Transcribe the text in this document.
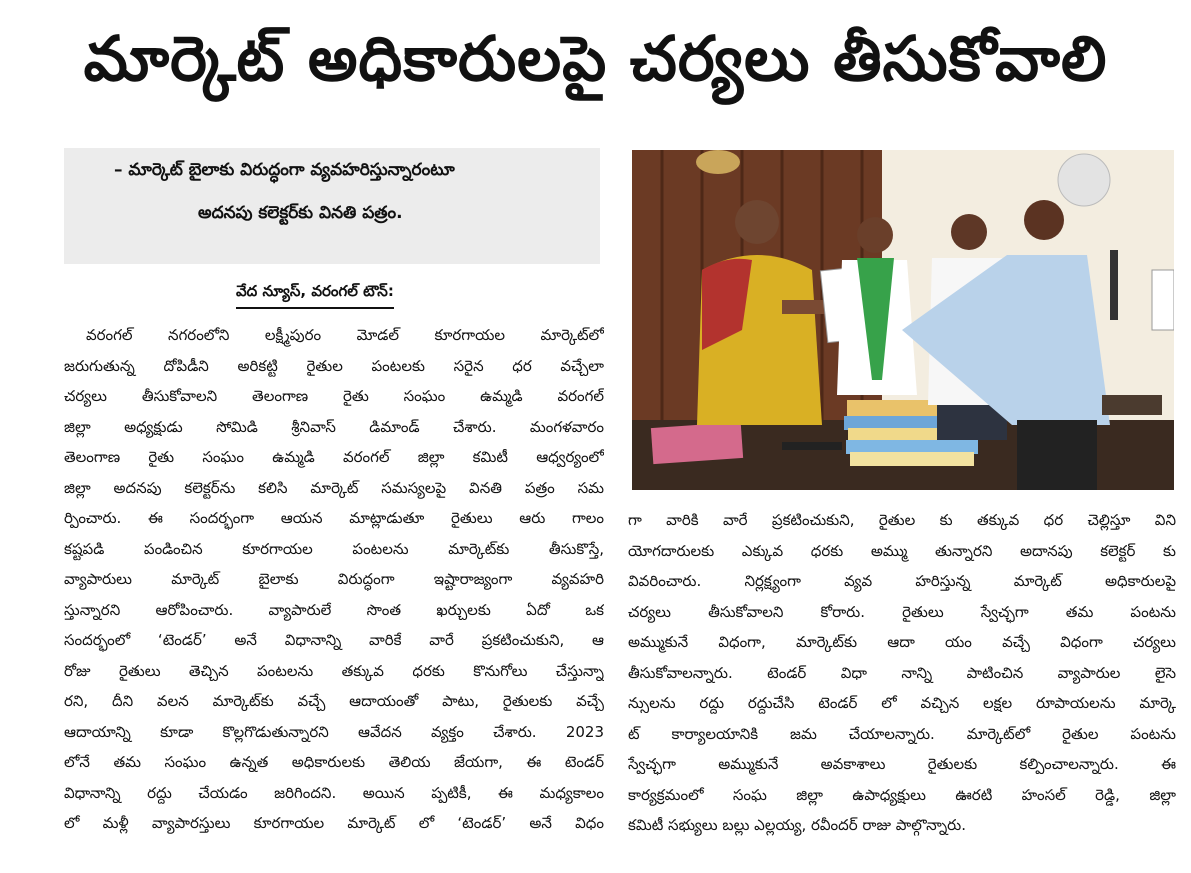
మార్కెట్ అధికారులపై చర్యలు తీసుకోవాలి
– మార్కెట్ బైలాకు విరుద్ధంగా వ్యవహరిస్తున్నారంటూ
అదనపు కలెక్టర్‌కు వినతి పత్రం.
వేద న్యూస్, వరంగల్ టౌన్:
వరంగల్ నగరంలోని లక్ష్మీపురం మోడల్ కూరగాయల మార్కెట్‌లో
జరుగుతున్న దోపిడీని అరికట్టి రైతుల పంటలకు సరైన ధర వచ్చేలా
చర్యలు తీసుకోవాలని తెలంగాణ రైతు సంఘం ఉమ్మడి వరంగల్
జిల్లా అధ్యక్షుడు సోమిడి శ్రీనివాస్ డిమాండ్ చేశారు. మంగళవారం
తెలంగాణ రైతు సంఘం ఉమ్మడి వరంగల్ జిల్లా కమిటీ ఆధ్వర్యంలో
జిల్లా అదనపు కలెక్టర్‌ను కలిసి మార్కెట్ సమస్యలపై వినతి పత్రం సమ
ర్పించారు. ఈ సందర్భంగా ఆయన మాట్లాడుతూ రైతులు ఆరు గాలం
కష్టపడి పండించిన కూరగాయల పంటలను మార్కెట్‌కు తీసుకొస్తే,
వ్యాపారులు మార్కెట్ బైలాకు విరుద్ధంగా ఇష్టారాజ్యంగా వ్యవహరి
స్తున్నారని ఆరోపించారు. వ్యాపారులే సొంత ఖర్చులకు ఏదో ఒక
సందర్భంలో ‘టెండర్’ అనే విధానాన్ని వారికే వారే ప్రకటించుకుని, ఆ
రోజు రైతులు తెచ్చిన పంటలను తక్కువ ధరకు కొనుగోలు చేస్తున్నా
రని, దీని వలన మార్కెట్‌కు వచ్చే ఆదాయంతో పాటు, రైతులకు వచ్చే
ఆదాయాన్ని కూడా కొల్లగొడుతున్నారని ఆవేదన వ్యక్తం చేశారు. 2023
లోనే తమ సంఘం ఉన్నత అధికారులకు తెలియ జేయగా, ఈ టెండర్
విధానాన్ని రద్దు చేయడం జరిగిందని. అయిన ప్పటికీ, ఈ మధ్యకాలం
లో మళ్లీ వ్యాపారస్తులు కూరగాయల మార్కెట్ లో ‘టెండర్’ అనే విధం
గా వారికి వారే ప్రకటించుకుని, రైతుల కు తక్కువ ధర చెల్లిస్తూ విని
యోగదారులకు ఎక్కువ ధరకు అమ్ము తున్నారని అదానపు కలెక్టర్ కు
వివరించారు. నిర్లక్ష్యంగా వ్యవ హరిస్తున్న మార్కెట్ అధికారులపై
చర్యలు తీసుకోవాలని కోరారు. రైతులు స్వేచ్ఛగా తమ పంటను
అమ్ముకునే విధంగా, మార్కెట్‌కు ఆదా యం వచ్చే విధంగా చర్యలు
తీసుకోవాలన్నారు. టెండర్ విధా నాన్ని పాటించిన వ్యాపారుల లైసె
న్సులను రద్దు రద్దుచేసి టెండర్ లో వచ్చిన లక్షల రూపాయలను మార్కె
ట్ కార్యాలయానికి జమ చేయాలన్నారు. మార్కెట్‌లో రైతుల పంటను
స్వేచ్ఛగా అమ్ముకునే అవకాశాలు రైతులకు కల్పించాలన్నారు. ఈ
కార్యక్రమంలో సంఘ జిల్లా ఉపాధ్యక్షులు ఊరటి హంసల్ రెడ్డి, జిల్లా
కమిటీ సభ్యులు బల్లు ఎల్లయ్య, రవీందర్ రాజు పాల్గొన్నారు.
